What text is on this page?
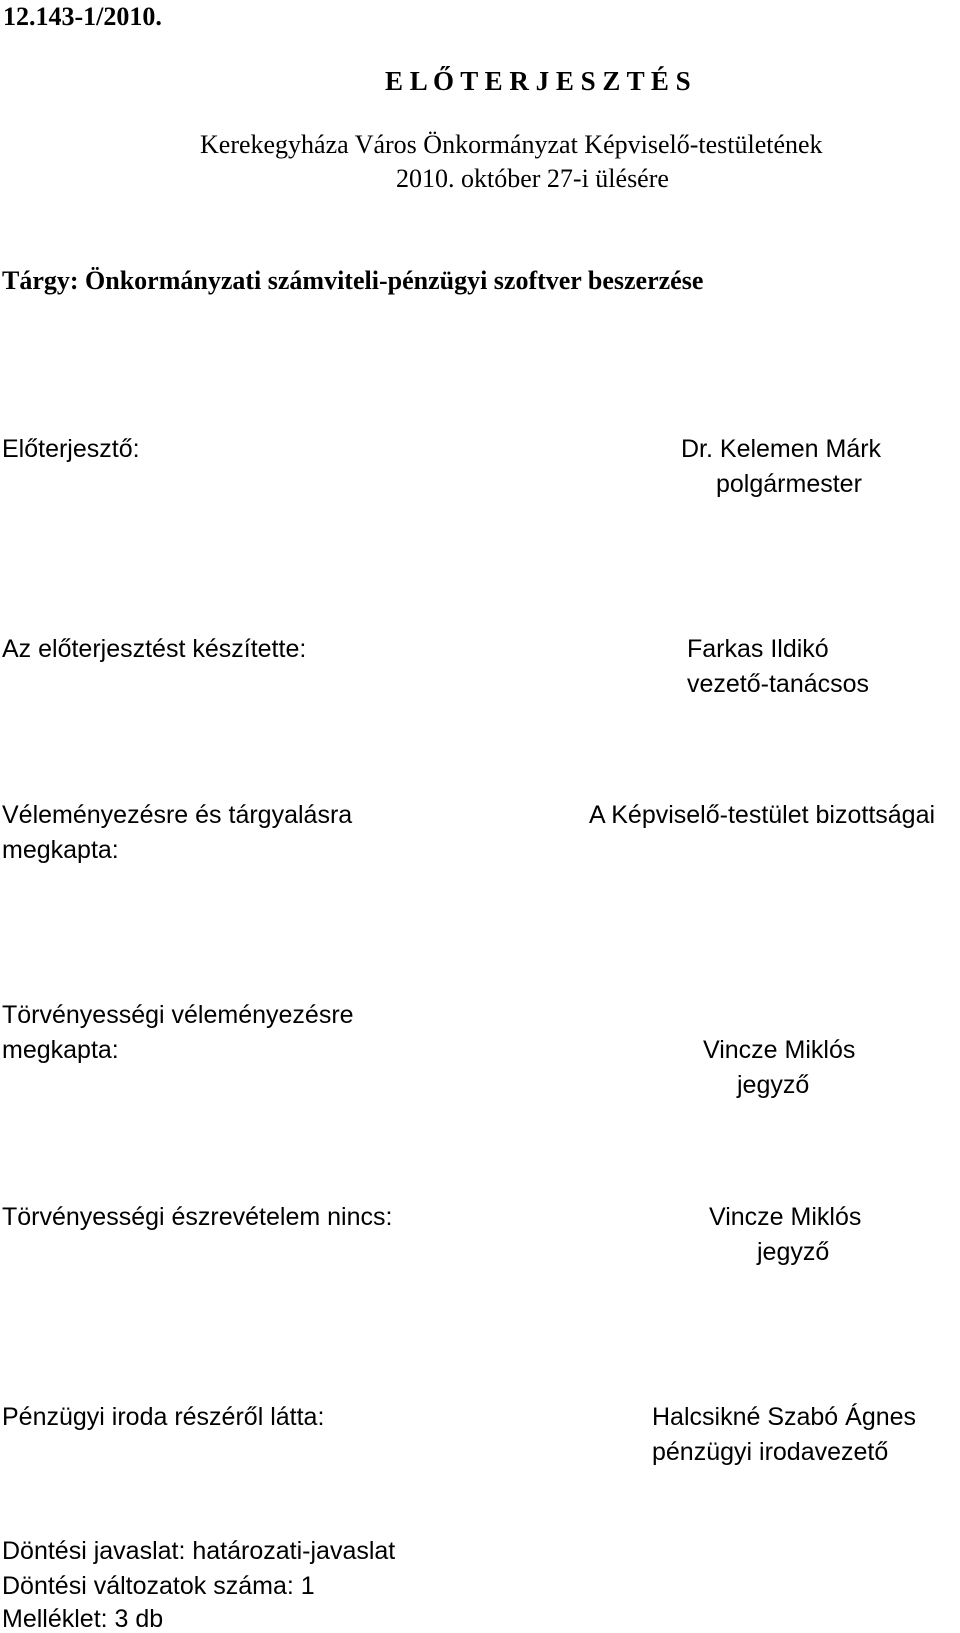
12.143-1/2010.
E L Ő T E R J E S Z T É S
Kerekegyháza Város Önkormányzat Képviselő-testületének
2010. október 27-i ülésére
Tárgy: Önkormányzati számviteli-pénzügyi szoftver beszerzése
Előterjesztő:	Dr. Kelemen Márk
polgármester
Az előterjesztést készítette:	Farkas Ildikó
vezető-tanácsos
Véleményezésre és tárgyalásra
megkapta:
A Képviselő-testület bizottságai
Törvényességi véleményezésre
megkapta:	Vincze Miklós
jegyző
Törvényességi észrevételem nincs:	Vincze Miklós
jegyző
Pénzügyi iroda részéről látta:	Halcsikné Szabó Ágnes
pénzügyi irodavezető
Döntési javaslat: határozati-javaslat
Döntési változatok száma: 1
Melléklet: 3 db
